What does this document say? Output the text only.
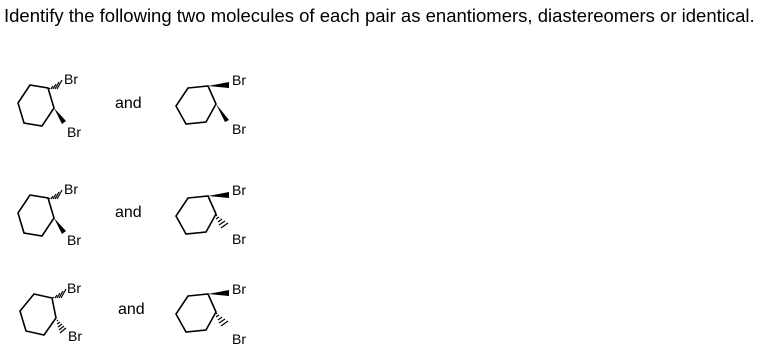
Identify the following two molecules of each pair as enantiomers, diastereomers or identical.
Br
Br
and
Br
Br
Br
Br
and
Br
Br
Br
Br
and
Br
Br
